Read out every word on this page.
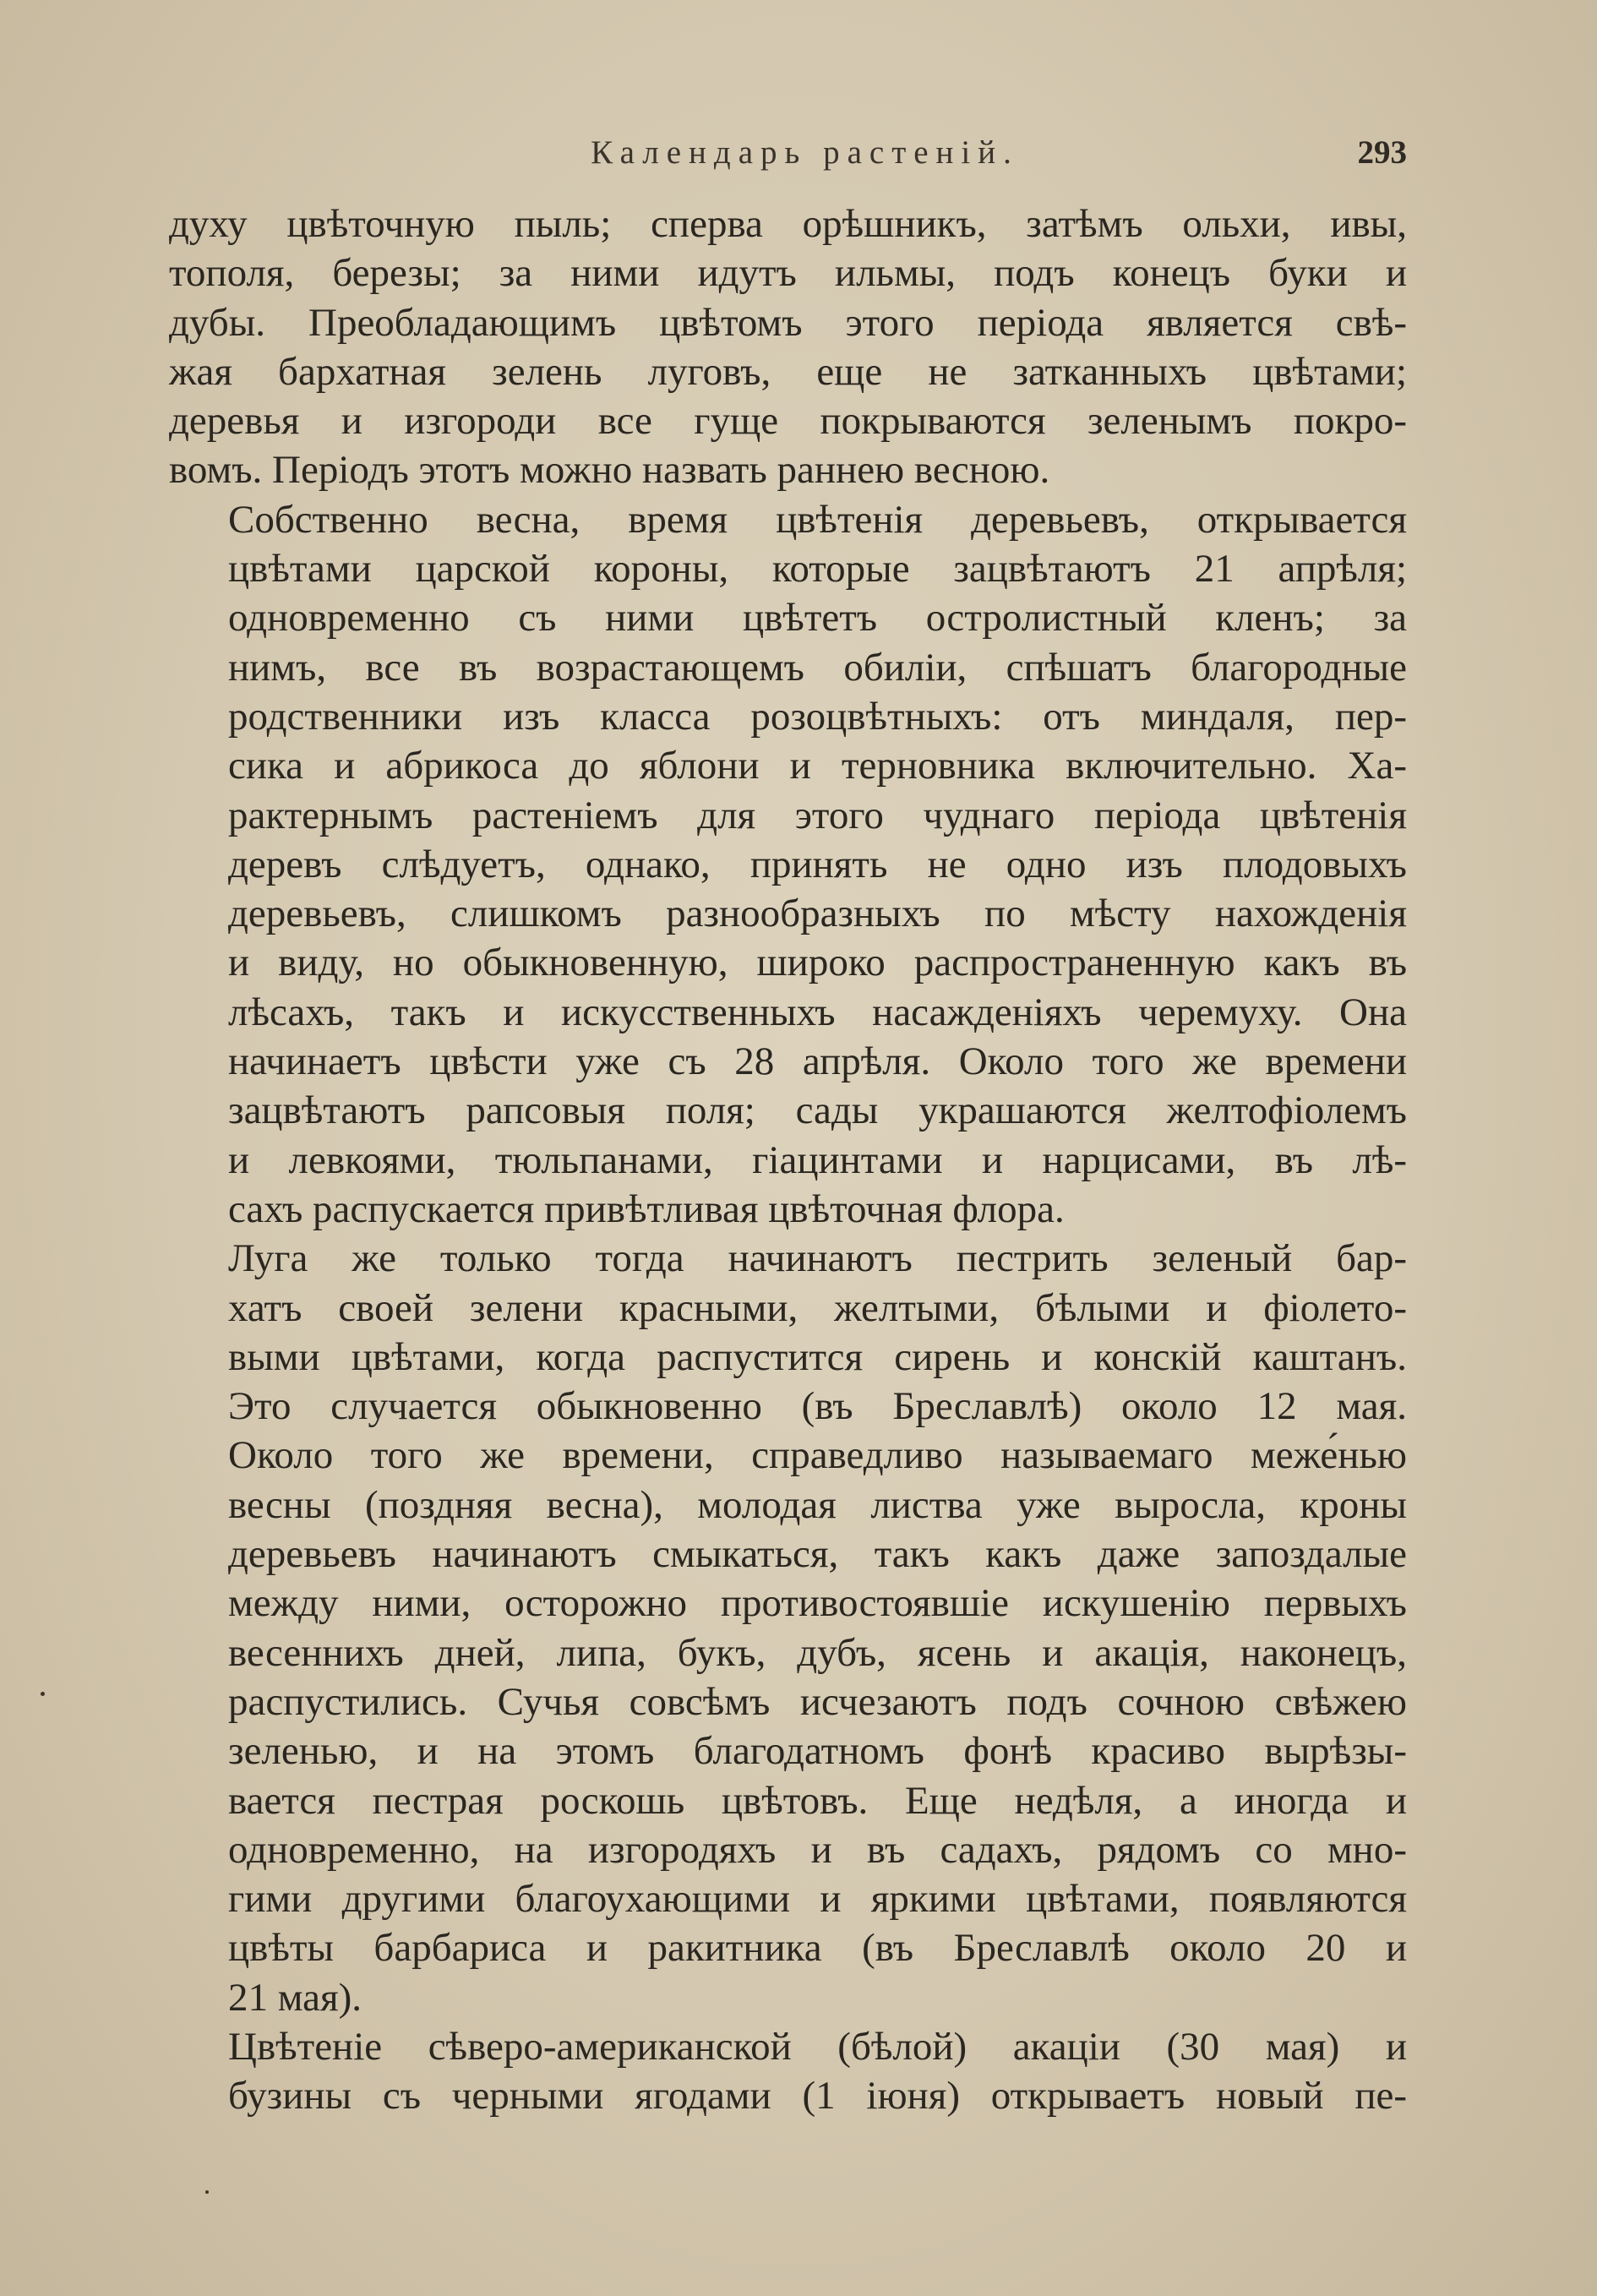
Календарь растеній.	293

духу цвѣточную пыль; сперва орѣшникъ, затѣмъ ольхи, ивы,
тополя, березы; за ними идутъ ильмы, подъ конецъ буки и
дубы. Преобладающимъ цвѣтомъ этого періода является свѣ-
жая бархатная зелень луговъ, еще не затканныхъ цвѣтами;
деревья и изгороди все гуще покрываются зеленымъ покро-
вомъ. Періодъ этотъ можно назвать раннею весною.

Собственно весна, время цвѣтенія деревьевъ, открывается
цвѣтами царской короны, которые зацвѣтаютъ 21 апрѣля;
одновременно съ ними цвѣтетъ остролистный кленъ; за
нимъ, все въ возрастающемъ обиліи, спѣшатъ благородные
родственники изъ класса розоцвѣтныхъ: отъ миндаля, пер-
сика и абрикоса до яблони и терновника включительно. Ха-
рактернымъ растеніемъ для этого чуднаго періода цвѣтенія
деревъ слѣдуетъ, однако, принять не одно изъ плодовыхъ
деревьевъ, слишкомъ разнообразныхъ по мѣсту нахожденія
и виду, но обыкновенную, широко распространенную какъ въ
лѣсахъ, такъ и искусственныхъ насажденіяхъ черемуху. Она
начинаетъ цвѣсти уже съ 28 апрѣля. Около того же времени
зацвѣтаютъ рапсовыя поля; сады украшаются желтофіолемъ
и левкоями, тюльпанами, гіацинтами и нарцисами, въ лѣ-
сахъ распускается привѣтливая цвѣточная флора.

Луга же только тогда начинаютъ пестрить зеленый бар-
хатъ своей зелени красными, желтыми, бѣлыми и фіолето-
выми цвѣтами, когда распустится сирень и конскій каштанъ.
Это случается обыкновенно (въ Бреславлѣ) около 12 мая.
Около того же времени, справедливо называемаго меже́нью
весны (поздняя весна), молодая листва уже выросла, кроны
деревьевъ начинаютъ смыкаться, такъ какъ даже запоздалые
между ними, осторожно противостоявшіе искушенію первыхъ
весеннихъ дней, липа, букъ, дубъ, ясень и акація, наконецъ,
распустились. Сучья совсѣмъ исчезаютъ подъ сочною свѣжею
зеленью, и на этомъ благодатномъ фонѣ красиво вырѣзы-
вается пестрая роскошь цвѣтовъ. Еще недѣля, а иногда и
одновременно, на изгородяхъ и въ садахъ, рядомъ со мно-
гими другими благоухающими и яркими цвѣтами, появляются
цвѣты барбариса и ракитника (въ Бреславлѣ около 20 и
21 мая).

Цвѣтеніе сѣверо-американской (бѣлой) акаціи (30 мая) и
бузины съ черными ягодами (1 іюня) открываетъ новый пе-
